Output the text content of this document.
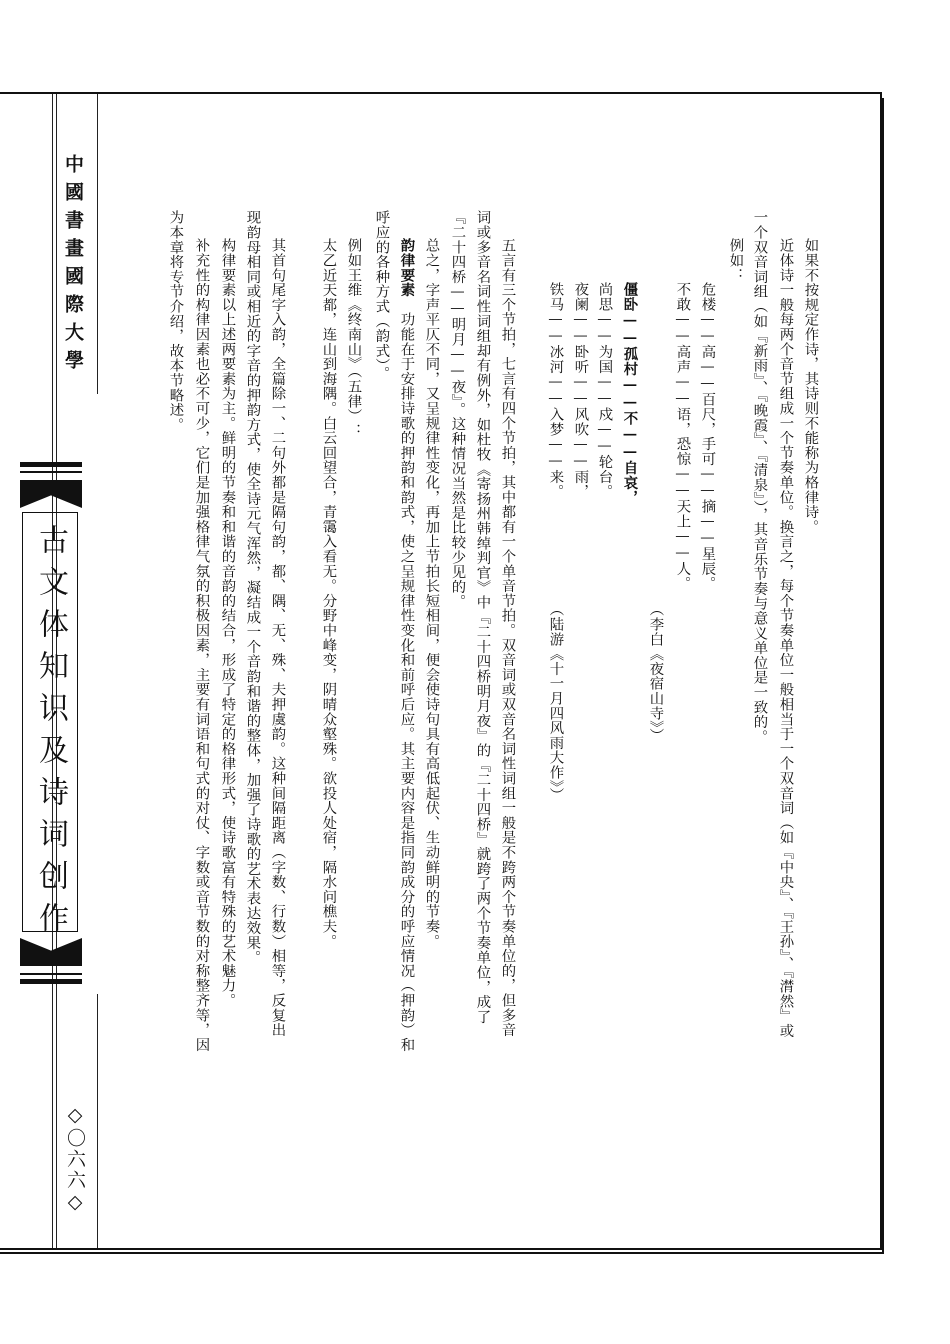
中國書畫國際大學
古文体知识及诗词创作
◇〇六六◇
如果不按规定作诗，其诗则不能称为格律诗。
近体诗一般每两个音节组成一个节奏单位。换言之，每个节奏单位一般相当于一个双音词（如『中央』、『王孙』、『潸然』或
一个双音词组（如『新雨』、『晚霞』、『清泉』），其音乐节奏与意义单位是一致的。
例如：
危楼——高——百尺，手可——摘——星辰。
不敢——高声——语，恐惊——天上——人。
（李白《夜宿山寺》）
僵卧——孤村——不——自哀，
尚思——为国——戍——轮台。
夜阑——卧听——风吹——雨，
铁马——冰河——入梦——来。
（陆游《十一月四风雨大作》）
五言有三个节拍，七言有四个节拍，其中都有一个单音节拍。双音词或双音名词性词组一般是不跨两个节奏单位的，但多音
词或多音名词性词组却有例外，如杜牧《寄扬州韩绰判官》中『二十四桥明月夜』的『二十四桥』就跨了两个节奏单位，成了
『二十四桥——明月——夜』。这种情况当然是比较少见的。
总之，字声平仄不同，又呈规律性变化，再加上节拍长短相间，便会使诗句具有高低起伏、生动鲜明的节奏。
韵律要素　功能在于安排诗歌的押韵和韵式，使之呈规律性变化和前呼后应。其主要内容是指同韵成分的呼应情况（押韵）和
呼应的各种方式（韵式）。
例如王维《终南山》（五律）：
太乙近天都，连山到海隅。白云回望合，青霭入看无。分野中峰变，阴晴众壑殊。欲投人处宿，隔水问樵夫。
其首句尾字入韵，全篇除一、二句外都是隔句韵，都、隅、无、殊、夫押虞韵。这种间隔距离（字数、行数）相等，反复出
现韵母相同或相近的字音的押韵方式，使全诗元气浑然，凝结成一个音韵和谐的整体，加强了诗歌的艺术表达效果。
构律要素以上述两要素为主。鲜明的节奏和和谐的音韵的结合，形成了特定的格律形式，使诗歌富有特殊的艺术魅力。
补充性的构律因素也必不可少，它们是加强格律气氛的积极因素，主要有词语和句式的对仗、字数或音节数的对称整齐等，因
为本章将专节介绍，故本节略述。
